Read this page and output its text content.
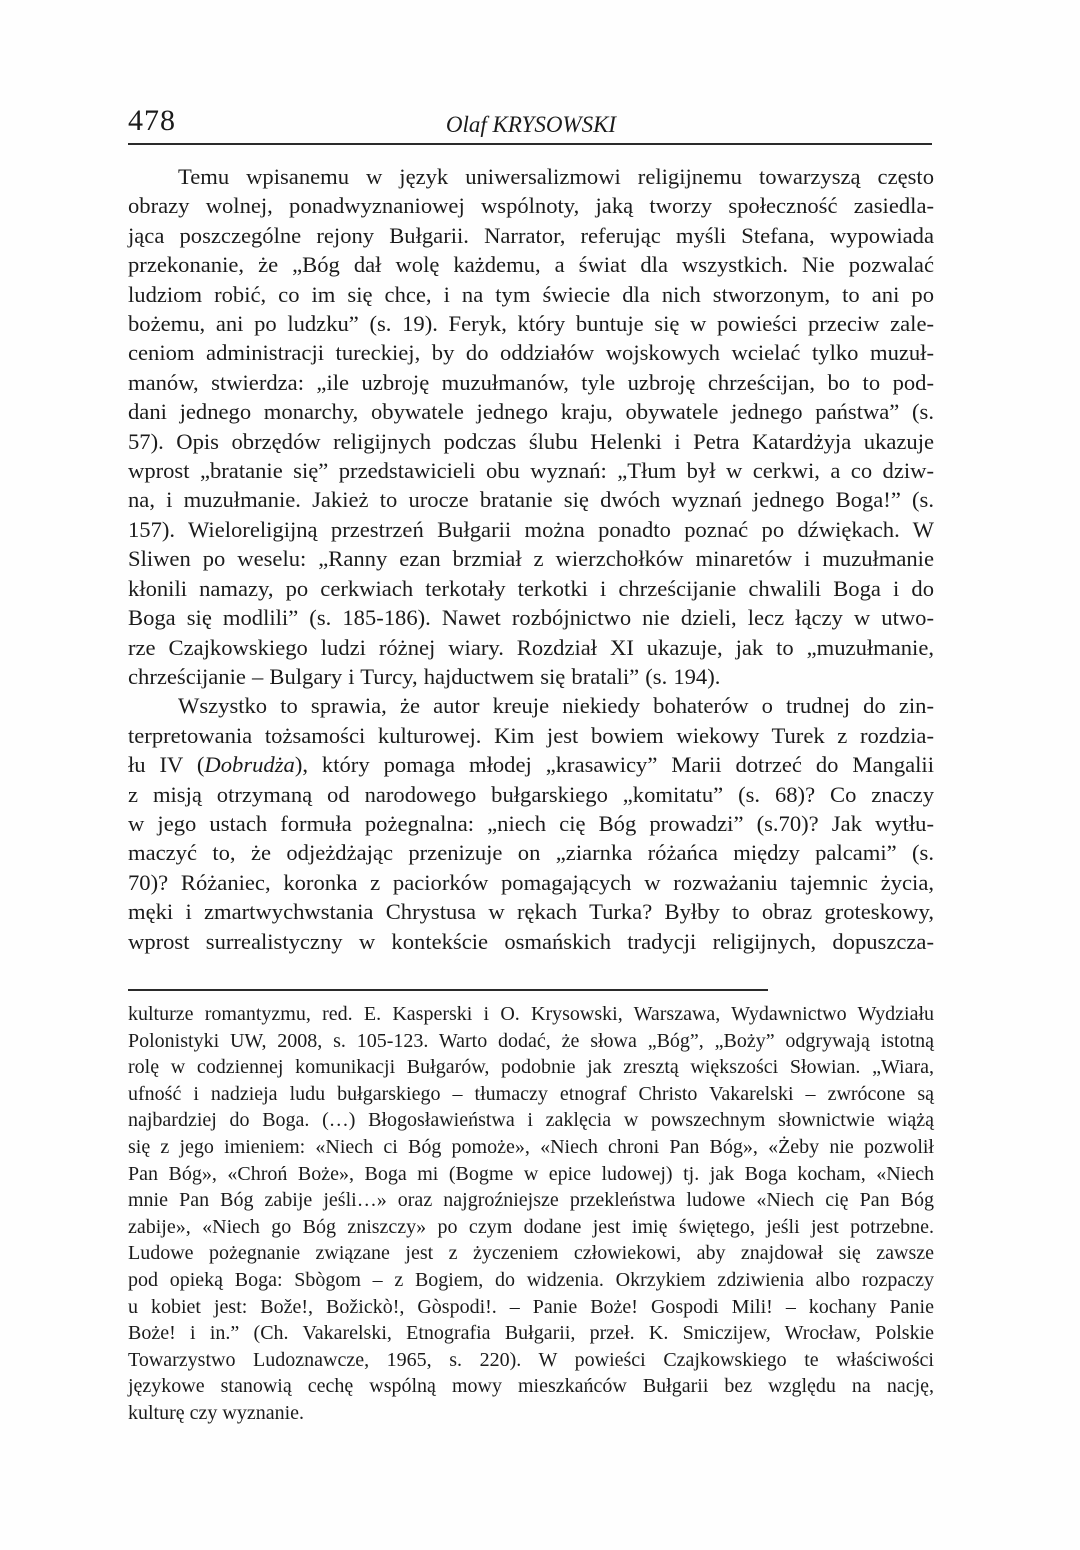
478	Olaf KRYSOWSKI
Temu wpisanemu w język uniwersalizmowi religijnemu towarzyszą często
obrazy wolnej, ponadwyznaniowej wspólnoty, jaką tworzy społeczność zasiedla-
jąca poszczególne rejony Bułgarii. Narrator, referując myśli Stefana, wypowiada
przekonanie, że „Bóg dał wolę każdemu, a świat dla wszystkich. Nie pozwalać
ludziom robić, co im się chce, i na tym świecie dla nich stworzonym, to ani po
bożemu, ani po ludzku” (s. 19). Feryk, który buntuje się w powieści przeciw zale-
ceniom administracji tureckiej, by do oddziałów wojskowych wcielać tylko muzuł-
manów, stwierdza: „ile uzbroję muzułmanów, tyle uzbroję chrześcijan, bo to pod-
dani jednego monarchy, obywatele jednego kraju, obywatele jednego państwa” (s.
57). Opis obrzędów religijnych podczas ślubu Helenki i Petra Katardżyja ukazuje
wprost „bratanie się” przedstawicieli obu wyznań: „Tłum był w cerkwi, a co dziw-
na, i muzułmanie. Jakież to urocze bratanie się dwóch wyznań jednego Boga!” (s.
157). Wieloreligijną przestrzeń Bułgarii można ponadto poznać po dźwiękach. W
Sliwen po weselu: „Ranny ezan brzmiał z wierzchołków minaretów i muzułmanie
kłonili namazy, po cerkwiach terkotały terkotki i chrześcijanie chwalili Boga i do
Boga się modlili” (s. 185-186). Nawet rozbójnictwo nie dzieli, lecz łączy w utwo-
rze Czajkowskiego ludzi różnej wiary. Rozdział XI ukazuje, jak to „muzułmanie,
chrześcijanie – Bulgary i Turcy, hajductwem się bratali” (s. 194).
Wszystko to sprawia, że autor kreuje niekiedy bohaterów o trudnej do zin-
terpretowania tożsamości kulturowej. Kim jest bowiem wiekowy Turek z rozdzia-
łu IV (Dobrudża), który pomaga młodej „krasawicy” Marii dotrzeć do Mangalii
z misją otrzymaną od narodowego bułgarskiego „komitatu” (s. 68)? Co znaczy
w jego ustach formuła pożegnalna: „niech cię Bóg prowadzi” (s.70)? Jak wytłu-
maczyć to, że odjeżdżając przenizuje on „ziarnka różańca między palcami” (s.
70)? Różaniec, koronka z paciorków pomagających w rozważaniu tajemnic życia,
męki i zmartwychwstania Chrystusa w rękach Turka? Byłby to obraz groteskowy,
wprost surrealistyczny w kontekście osmańskich tradycji religijnych, dopuszcza-
kulturze romantyzmu, red. E. Kasperski i O. Krysowski, Warszawa, Wydawnictwo Wydziału
Polonistyki UW, 2008, s. 105-123. Warto dodać, że słowa „Bóg”, „Boży” odgrywają istotną
rolę w codziennej komunikacji Bułgarów, podobnie jak zresztą większości Słowian. „Wiara,
ufność i nadzieja ludu bułgarskiego – tłumaczy etnograf Christo Vakarelski – zwrócone są
najbardziej do Boga. (…) Błogosławieństwa i zaklęcia w powszechnym słownictwie wiążą
się z jego imieniem: «Niech ci Bóg pomoże», «Niech chroni Pan Bóg», «Żeby nie pozwolił
Pan Bóg», «Chroń Boże», Boga mi (Bogme w epice ludowej) tj. jak Boga kocham, «Niech
mnie Pan Bóg zabije jeśli…» oraz najgroźniejsze przekleństwa ludowe «Niech cię Pan Bóg
zabije», «Niech go Bóg zniszczy» po czym dodane jest imię świętego, jeśli jest potrzebne.
Ludowe pożegnanie związane jest z życzeniem człowiekowi, aby znajdował się zawsze
pod opieką Boga: Sbògom – z Bogiem, do widzenia. Okrzykiem zdziwienia albo rozpaczy
u kobiet jest: Bože!, Božickò!, Gòspodi!. – Panie Boże! Gospodi Mili! – kochany Panie
Boże! i in.” (Ch. Vakarelski, Etnografia Bułgarii, przeł. K. Smiczijew, Wrocław, Polskie
Towarzystwo Ludoznawcze, 1965, s. 220). W powieści Czajkowskiego te właściwości
językowe stanowią cechę wspólną mowy mieszkańców Bułgarii bez względu na nację,
kulturę czy wyznanie.
